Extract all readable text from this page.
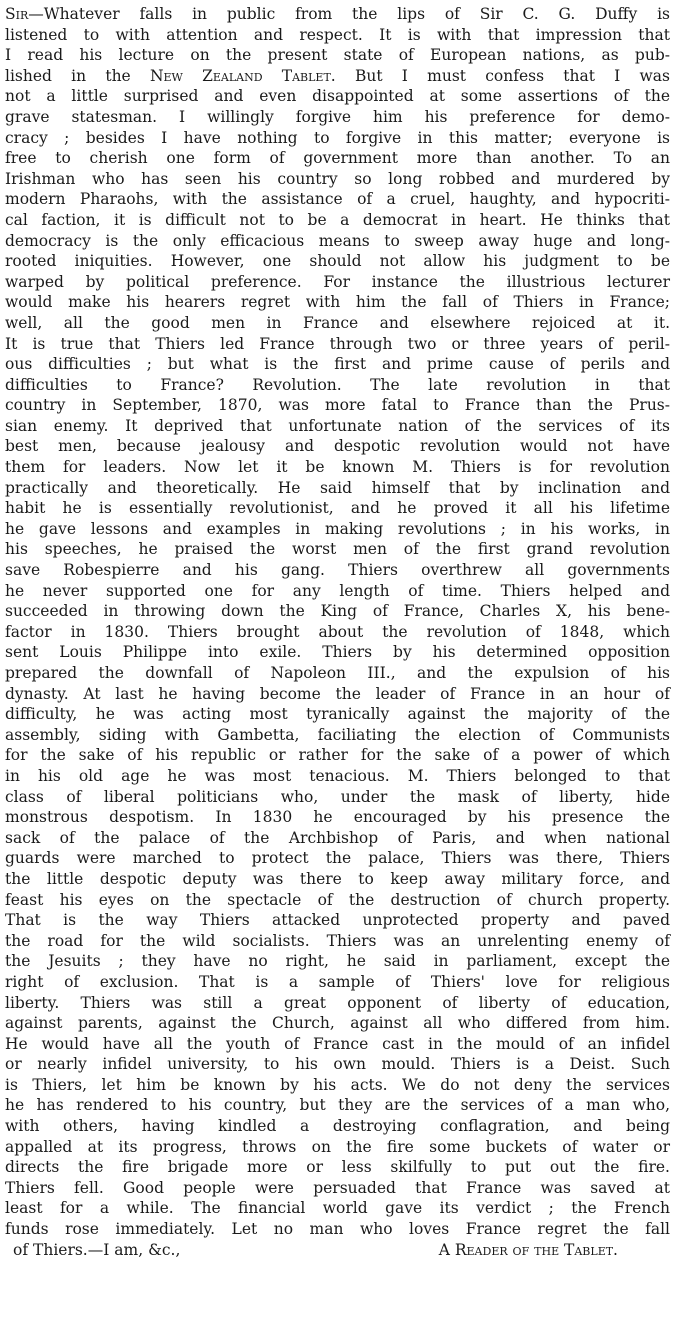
Sir—Whatever falls in public from the lips of Sir C. G. Duffy is
listened to with attention and respect. It is with that impression that
I read his lecture on the present state of European nations, as pub-
lished in the New Zealand Tablet. But I must confess that I was
not a little surprised and even disappointed at some assertions of the
grave statesman. I willingly forgive him his preference for demo-
cracy ; besides I have nothing to forgive in this matter; everyone is
free to cherish one form of government more than another. To an
Irishman who has seen his country so long robbed and murdered by
modern Pharaohs, with the assistance of a cruel, haughty, and hypocriti-
cal faction, it is difficult not to be a democrat in heart. He thinks that
democracy is the only efficacious means to sweep away huge and long-
rooted iniquities. However, one should not allow his judgment to be
warped by political preference. For instance the illustrious lecturer
would make his hearers regret with him the fall of Thiers in France;
well, all the good men in France and elsewhere rejoiced at it.
It is true that Thiers led France through two or three years of peril-
ous difficulties ; but what is the first and prime cause of perils and
difficulties to France? Revolution. The late revolution in that
country in September, 1870, was more fatal to France than the Prus-
sian enemy. It deprived that unfortunate nation of the services of its
best men, because jealousy and despotic revolution would not have
them for leaders. Now let it be known M. Thiers is for revolution
practically and theoretically. He said himself that by inclination and
habit he is essentially revolutionist, and he proved it all his lifetime
he gave lessons and examples in making revolutions ; in his works, in
his speeches, he praised the worst men of the first grand revolution
save Robespierre and his gang. Thiers overthrew all governments
he never supported one for any length of time. Thiers helped and
succeeded in throwing down the King of France, Charles X, his bene-
factor in 1830. Thiers brought about the revolution of 1848, which
sent Louis Philippe into exile. Thiers by his determined opposition
prepared the downfall of Napoleon III., and the expulsion of his
dynasty. At last he having become the leader of France in an hour of
difficulty, he was acting most tyranically against the majority of the
assembly, siding with Gambetta, faciliating the election of Communists
for the sake of his republic or rather for the sake of a power of which
in his old age he was most tenacious. M. Thiers belonged to that
class of liberal politicians who, under the mask of liberty, hide
monstrous despotism. In 1830 he encouraged by his presence the
sack of the palace of the Archbishop of Paris, and when national
guards were marched to protect the palace, Thiers was there, Thiers
the little despotic deputy was there to keep away military force, and
feast his eyes on the spectacle of the destruction of church property.
That is the way Thiers attacked unprotected property and paved
the road for the wild socialists. Thiers was an unrelenting enemy of
the Jesuits ; they have no right, he said in parliament, except the
right of exclusion. That is a sample of Thiers' love for religious
liberty. Thiers was still a great opponent of liberty of education,
against parents, against the Church, against all who differed from him.
He would have all the youth of France cast in the mould of an infidel
or nearly infidel university, to his own mould. Thiers is a Deist. Such
is Thiers, let him be known by his acts. We do not deny the services
he has rendered to his country, but they are the services of a man who,
with others, having kindled a destroying conflagration, and being
appalled at its progress, throws on the fire some buckets of water or
directs the fire brigade more or less skilfully to put out the fire.
Thiers fell. Good people were persuaded that France was saved at
least for a while. The financial world gave its verdict ; the French
funds rose immediately. Let no man who loves France regret the fall
of Thiers.—I am, &c.,	A Reader of the Tablet.
